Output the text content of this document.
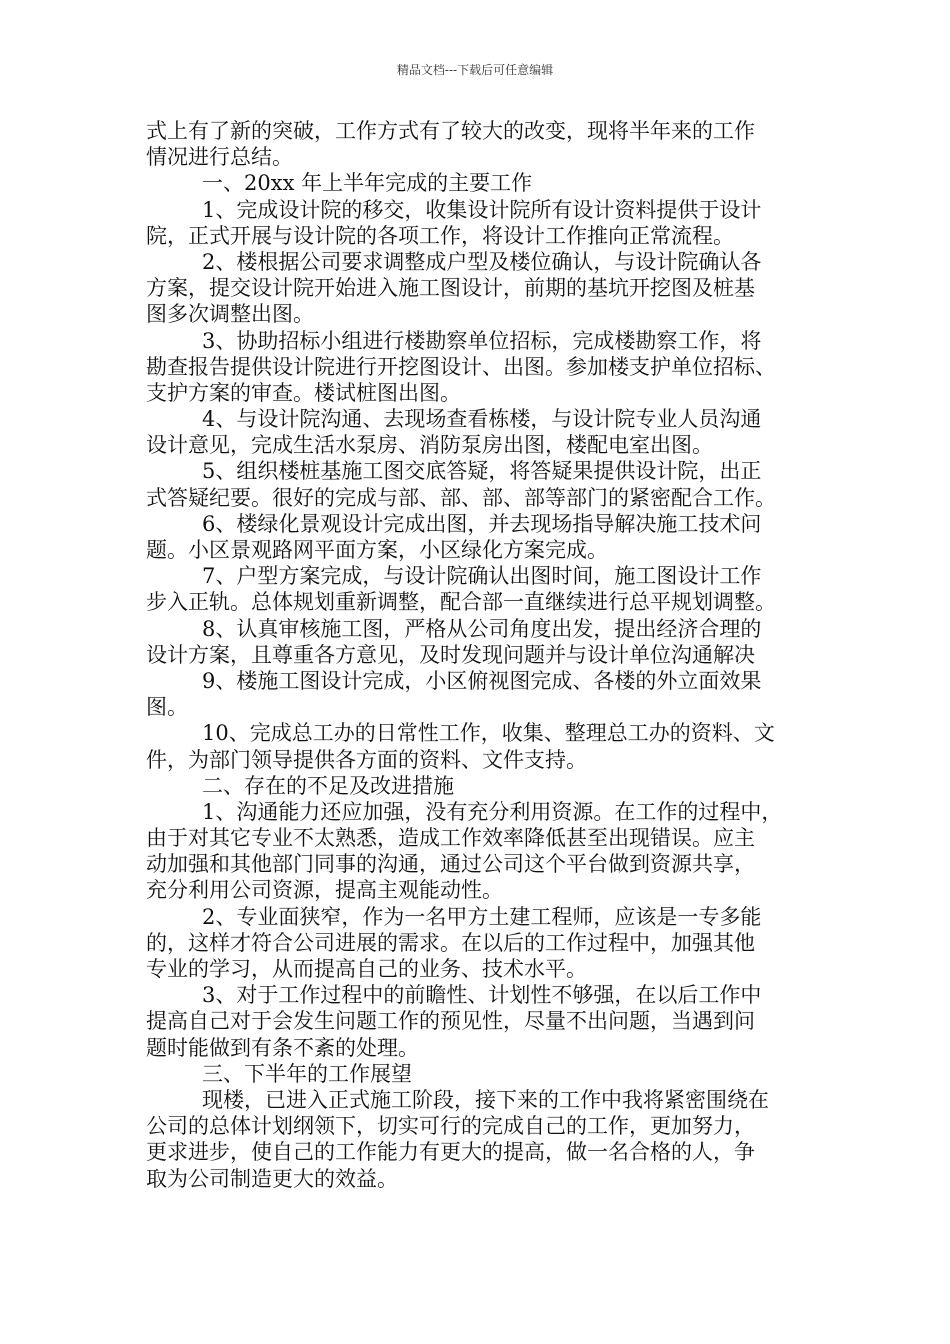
精品文档---下载后可任意编辑
式上有了新的突破，工作方式有了较大的改变，现将半年来的工作
情况进行总结。
一、20xx 年上半年完成的主要工作
1、完成设计院的移交，收集设计院所有设计资料提供于设计
院，正式开展与设计院的各项工作，将设计工作推向正常流程。
2、楼根据公司要求调整成户型及楼位确认，与设计院确认各
方案，提交设计院开始进入施工图设计，前期的基坑开挖图及桩基
图多次调整出图。
3、协助招标小组进行楼勘察单位招标，完成楼勘察工作，将
勘查报告提供设计院进行开挖图设计、出图。参加楼支护单位招标、
支护方案的审查。楼试桩图出图。
4、与设计院沟通、去现场查看栋楼，与设计院专业人员沟通
设计意见，完成生活水泵房、消防泵房出图，楼配电室出图。
5、组织楼桩基施工图交底答疑，将答疑果提供设计院，出正
式答疑纪要。很好的完成与部、部、部、部等部门的紧密配合工作。
6、楼绿化景观设计完成出图，并去现场指导解决施工技术问
题。小区景观路网平面方案，小区绿化方案完成。
7、户型方案完成，与设计院确认出图时间，施工图设计工作
步入正轨。总体规划重新调整，配合部一直继续进行总平规划调整。
8、认真审核施工图，严格从公司角度出发，提出经济合理的
设计方案，且尊重各方意见，及时发现问题并与设计单位沟通解决
9、楼施工图设计完成，小区俯视图完成、各楼的外立面效果
图。
10、完成总工办的日常性工作，收集、整理总工办的资料、文
件，为部门领导提供各方面的资料、文件支持。
二、存在的不足及改进措施
1、沟通能力还应加强，没有充分利用资源。在工作的过程中，
由于对其它专业不太熟悉，造成工作效率降低甚至出现错误。应主
动加强和其他部门同事的沟通，通过公司这个平台做到资源共享，
充分利用公司资源，提高主观能动性。
2、专业面狭窄，作为一名甲方土建工程师，应该是一专多能
的，这样才符合公司进展的需求。在以后的工作过程中，加强其他
专业的学习，从而提高自己的业务、技术水平。
3、对于工作过程中的前瞻性、计划性不够强，在以后工作中
提高自己对于会发生问题工作的预见性，尽量不出问题，当遇到问
题时能做到有条不紊的处理。
三、下半年的工作展望
现楼，已进入正式施工阶段，接下来的工作中我将紧密围绕在
公司的总体计划纲领下，切实可行的完成自己的工作，更加努力，
更求进步，使自己的工作能力有更大的提高，做一名合格的人，争
取为公司制造更大的效益。
